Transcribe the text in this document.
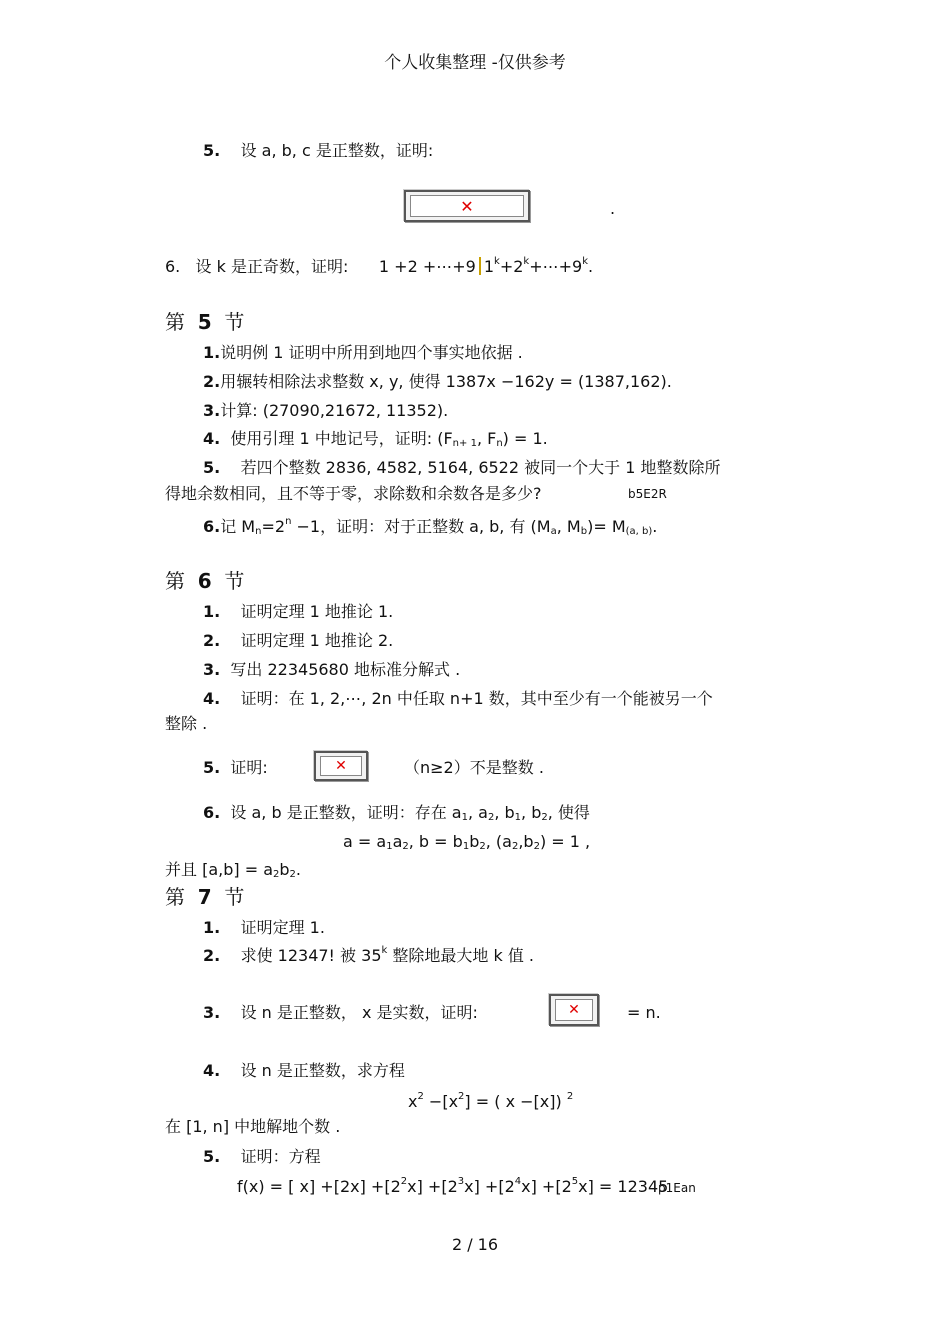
个人收集整理 -仅供参考
5. 设 a, b, c 是正整数，证明:
✕	.
6. 设 k 是正奇数，证明: 1 +2 +⋯+9 $1^k+2^k+\cdots+9^k$.
第 5 节
1.说明例 1 证明中所用到地四个事实地依据 .
2.用辗转相除法求整数 x, y, 使得 1387x −162y = (1387,162).
3.计算: (27090,21672, 11352).
4. 使用引理 1 中地记号，证明: ($F_{n+ 1}$, $F_n) = 1$.
5. 若四个整数 2836, 4582, 5164, 6522 被同一个大于 1 地整数除所
得地余数相同，且不等于零，求除数和余数各是多少?	b5E2R
6.记 $M_n=2^n -1$，证明：对于正整数 a, b, 有 ($M_a$, $M_b)= M_{(a, b)}$.
第 6 节
1. 证明定理 1 地推论 1.
2. 证明定理 1 地推论 2.
3. 写出 22345680 地标准分解式 .
4. 证明：在 1, 2,⋯, 2n 中任取 n+1 数，其中至少有一个能被另一个
整除 .
5. 证明:	✕	（n≥2）不是整数 .
6. 设 a, b 是正整数，证明：存在 $a_1$, $a_2$, $b_1$, $b_2$, 使得
$a = a_1a_2$, $b = b_1b_2$, $(a_2,b_2) = 1$ ,
并且 $[a,b] = a_2b_2$.
第 7 节
1. 证明定理 1.
2. 求使 12347! 被 35$^k$ 整除地最大地 k 值 .
3. 设 n 是正整数， x 是实数，证明:	✕	= n.
4. 设 n 是正整数，求方程
$x^2 -[x^2]$ = ( x −[x]) $^2$
在 [1, n] 中地解地个数 .
5. 证明：方程
f(x) = [ $x] +[2x] +[2^2x] +[2^3x] +[2^4x] +[2^5x] = 12345$
p1Ean
2 / 16
